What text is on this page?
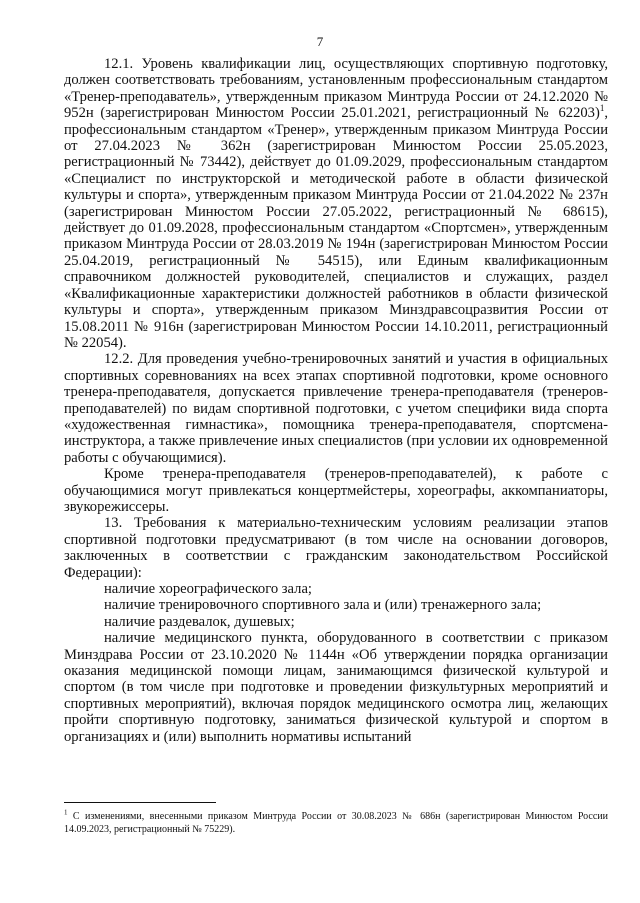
7

12.1. Уровень квалификации лиц, осуществляющих спортивную подготовку, должен соответствовать требованиям, установленным профессиональным стандартом «Тренер-преподаватель», утвержденным приказом Минтруда России от 24.12.2020 № 952н (зарегистрирован Минюстом России 25.01.2021, регистрационный № 62203)$^1$, профессиональным стандартом «Тренер», утвержденным приказом Минтруда России от 27.04.2023 № 362н (зарегистрирован Минюстом России 25.05.2023, регистрационный № 73442), действует до 01.09.2029, профессиональным стандартом «Специалист по инструкторской и методической работе в области физической культуры и спорта», утвержденным приказом Минтруда России от 21.04.2022 № 237н (зарегистрирован Минюстом России 27.05.2022, регистрационный № 68615), действует до 01.09.2028, профессиональным стандартом «Спортсмен», утвержденным приказом Минтруда России от 28.03.2019 № 194н (зарегистрирован Минюстом России 25.04.2019, регистрационный № 54515), или Единым квалификационным справочником должностей руководителей, специалистов и служащих, раздел «Квалификационные характеристики должностей работников в области физической культуры и спорта», утвержденным приказом Минздравсоцразвития России от 15.08.2011 № 916н (зарегистрирован Минюстом России 14.10.2011, регистрационный № 22054).

12.2. Для проведения учебно-тренировочных занятий и участия в официальных спортивных соревнованиях на всех этапах спортивной подготовки, кроме основного тренера-преподавателя, допускается привлечение тренера-преподавателя (тренеров-преподавателей) по видам спортивной подготовки, с учетом специфики вида спорта «художественная гимнастика», помощника тренера-преподавателя, спортсмена-инструктора, а также привлечение иных специалистов (при условии их одновременной работы с обучающимися).

Кроме тренера-преподавателя (тренеров-преподавателей), к работе с обучающимися могут привлекаться концертмейстеры, хореографы, аккомпаниаторы, звукорежиссеры.

13. Требования к материально-техническим условиям реализации этапов спортивной подготовки предусматривают (в том числе на основании договоров, заключенных в соответствии с гражданским законодательством Российской Федерации):

наличие хореографического зала;

наличие тренировочного спортивного зала и (или) тренажерного зала;

наличие раздевалок, душевых;

наличие медицинского пункта, оборудованного в соответствии с приказом Минздрава России от 23.10.2020 № 1144н «Об утверждении порядка организации оказания медицинской помощи лицам, занимающимся физической культурой и спортом (в том числе при подготовке и проведении физкультурных мероприятий и спортивных мероприятий), включая порядок медицинского осмотра лиц, желающих пройти спортивную подготовку, заниматься физической культурой и спортом в организациях и (или) выполнить нормативы испытаний

$^1$ С изменениями, внесенными приказом Минтруда России от 30.08.2023 № 686н (зарегистрирован Минюстом России 14.09.2023, регистрационный № 75229).
